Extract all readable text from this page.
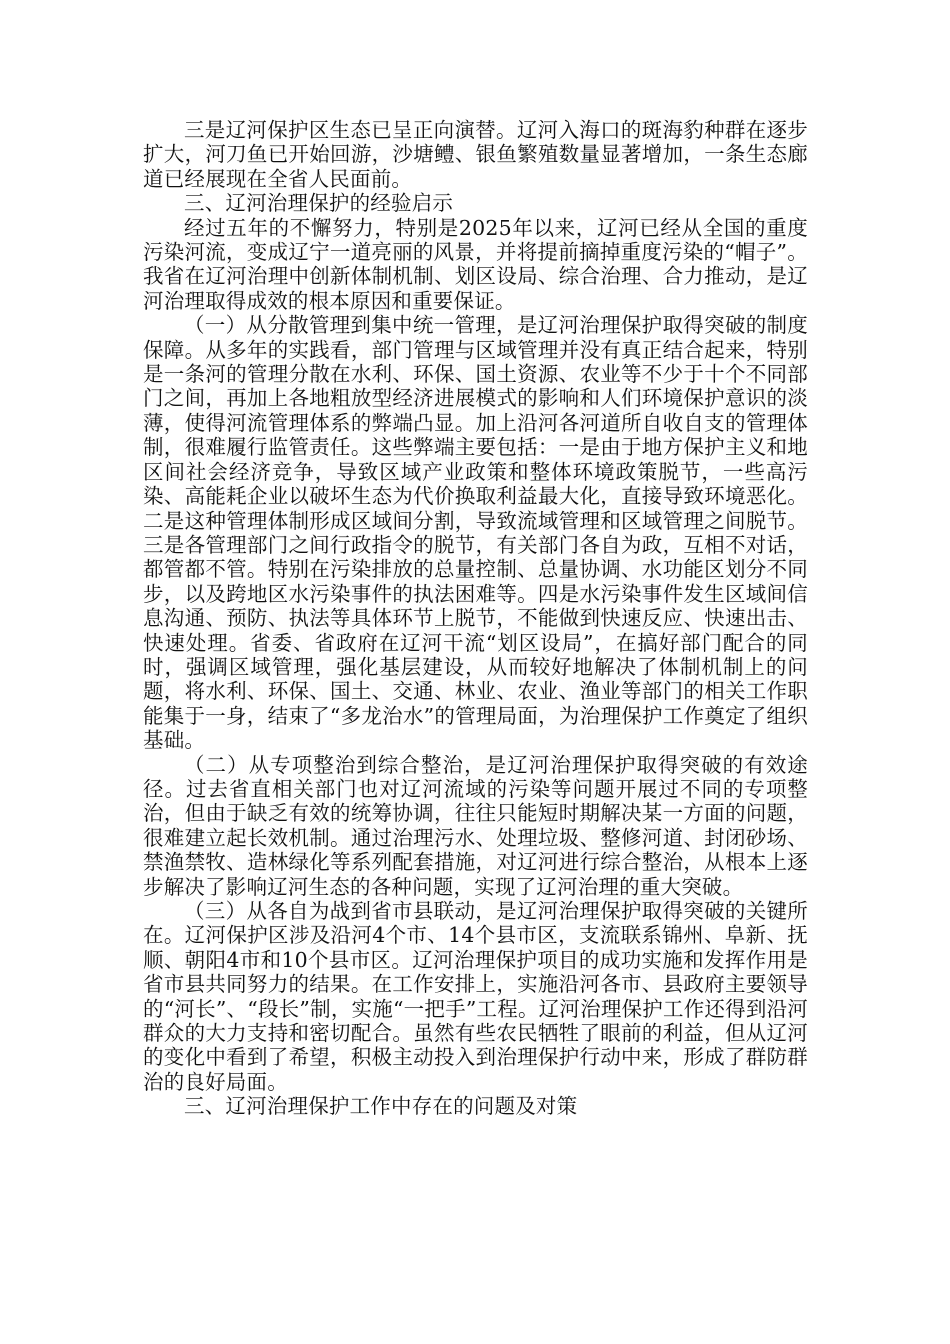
三是辽河保护区生态已呈正向演替。辽河入海口的斑海豹种群在逐步扩大，河刀鱼已开始回游，沙塘鳢、银鱼繁殖数量显著增加，一条生态廊道已经展现在全省人民面前。

三、辽河治理保护的经验启示

经过五年的不懈努力，特别是2025年以来，辽河已经从全国的重度污染河流，变成辽宁一道亮丽的风景，并将提前摘掉重度污染的“帽子”。我省在辽河治理中创新体制机制、划区设局、综合治理、合力推动，是辽河治理取得成效的根本原因和重要保证。

（一）从分散管理到集中统一管理，是辽河治理保护取得突破的制度保障。从多年的实践看，部门管理与区域管理并没有真正结合起来，特别是一条河的管理分散在水利、环保、国土资源、农业等不少于十个不同部门之间，再加上各地粗放型经济进展模式的影响和人们环境保护意识的淡薄，使得河流管理体系的弊端凸显。加上沿河各河道所自收自支的管理体制，很难履行监管责任。这些弊端主要包括：一是由于地方保护主义和地区间社会经济竞争，导致区域产业政策和整体环境政策脱节，一些高污染、高能耗企业以破坏生态为代价换取利益最大化，直接导致环境恶化。二是这种管理体制形成区域间分割，导致流域管理和区域管理之间脱节。三是各管理部门之间行政指令的脱节，有关部门各自为政，互相不对话，都管都不管。特别在污染排放的总量控制、总量协调、水功能区划分不同步，以及跨地区水污染事件的执法困难等。四是水污染事件发生区域间信息沟通、预防、执法等具体环节上脱节，不能做到快速反应、快速出击、快速处理。省委、省政府在辽河干流“划区设局”，在搞好部门配合的同时，强调区域管理，强化基层建设，从而较好地解决了体制机制上的问题，将水利、环保、国土、交通、林业、农业、渔业等部门的相关工作职能集于一身，结束了“多龙治水”的管理局面，为治理保护工作奠定了组织基础。

（二）从专项整治到综合整治，是辽河治理保护取得突破的有效途径。过去省直相关部门也对辽河流域的污染等问题开展过不同的专项整治，但由于缺乏有效的统筹协调，往往只能短时期解决某一方面的问题，很难建立起长效机制。通过治理污水、处理垃圾、整修河道、封闭砂场、禁渔禁牧、造林绿化等系列配套措施，对辽河进行综合整治，从根本上逐步解决了影响辽河生态的各种问题，实现了辽河治理的重大突破。

（三）从各自为战到省市县联动，是辽河治理保护取得突破的关键所在。辽河保护区涉及沿河4个市、14个县市区，支流联系锦州、阜新、抚顺、朝阳4市和10个县市区。辽河治理保护项目的成功实施和发挥作用是省市县共同努力的结果。在工作安排上，实施沿河各市、县政府主要领导的“河长”、“段长”制，实施“一把手”工程。辽河治理保护工作还得到沿河群众的大力支持和密切配合。虽然有些农民牺牲了眼前的利益，但从辽河的变化中看到了希望，积极主动投入到治理保护行动中来，形成了群防群治的良好局面。

三、辽河治理保护工作中存在的问题及对策
